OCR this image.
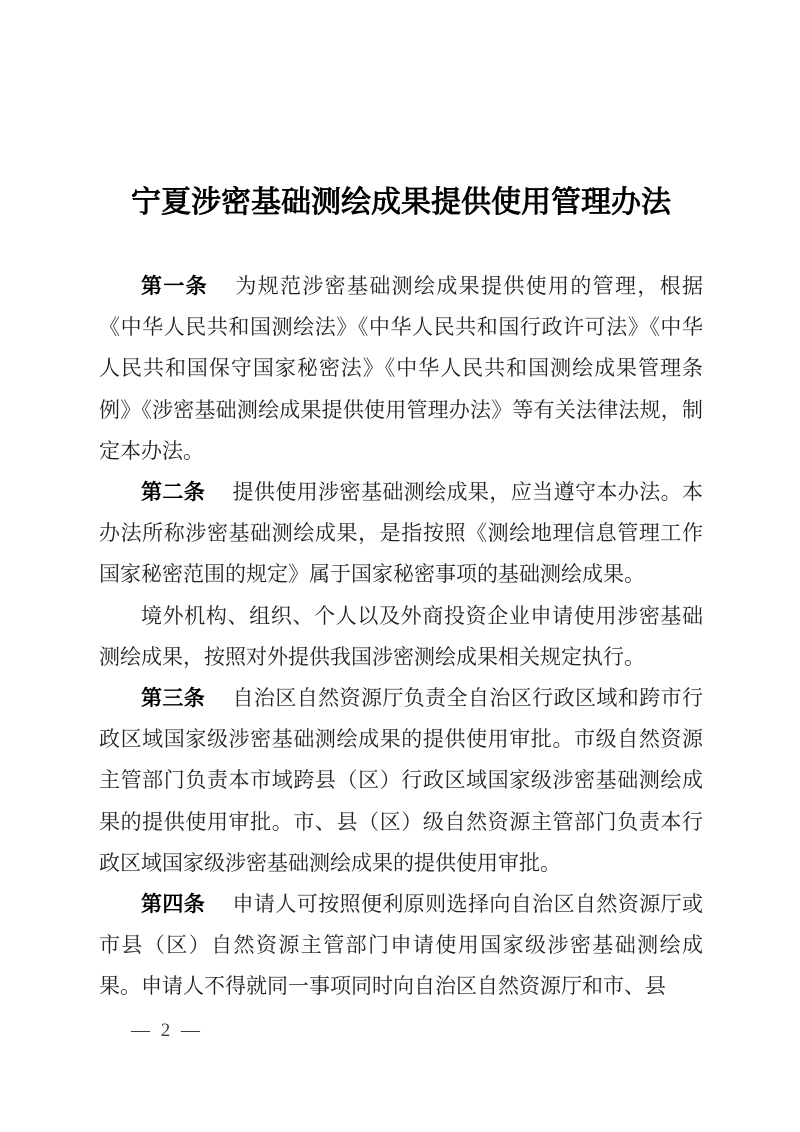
宁夏涉密基础测绘成果提供使用管理办法

第一条 为规范涉密基础测绘成果提供使用的管理，根据《中华人民共和国测绘法》《中华人民共和国行政许可法》《中华人民共和国保守国家秘密法》《中华人民共和国测绘成果管理条例》《涉密基础测绘成果提供使用管理办法》等有关法律法规，制定本办法。

第二条 提供使用涉密基础测绘成果，应当遵守本办法。本办法所称涉密基础测绘成果，是指按照《测绘地理信息管理工作国家秘密范围的规定》属于国家秘密事项的基础测绘成果。

境外机构、组织、个人以及外商投资企业申请使用涉密基础测绘成果，按照对外提供我国涉密测绘成果相关规定执行。

第三条 自治区自然资源厅负责全自治区行政区域和跨市行政区域国家级涉密基础测绘成果的提供使用审批。市级自然资源主管部门负责本市域跨县（区）行政区域国家级涉密基础测绘成果的提供使用审批。市、县（区）级自然资源主管部门负责本行政区域国家级涉密基础测绘成果的提供使用审批。

第四条 申请人可按照便利原则选择向自治区自然资源厅或市县（区）自然资源主管部门申请使用国家级涉密基础测绘成果。申请人不得就同一事项同时向自治区自然资源厅和市、县

— 2 —
